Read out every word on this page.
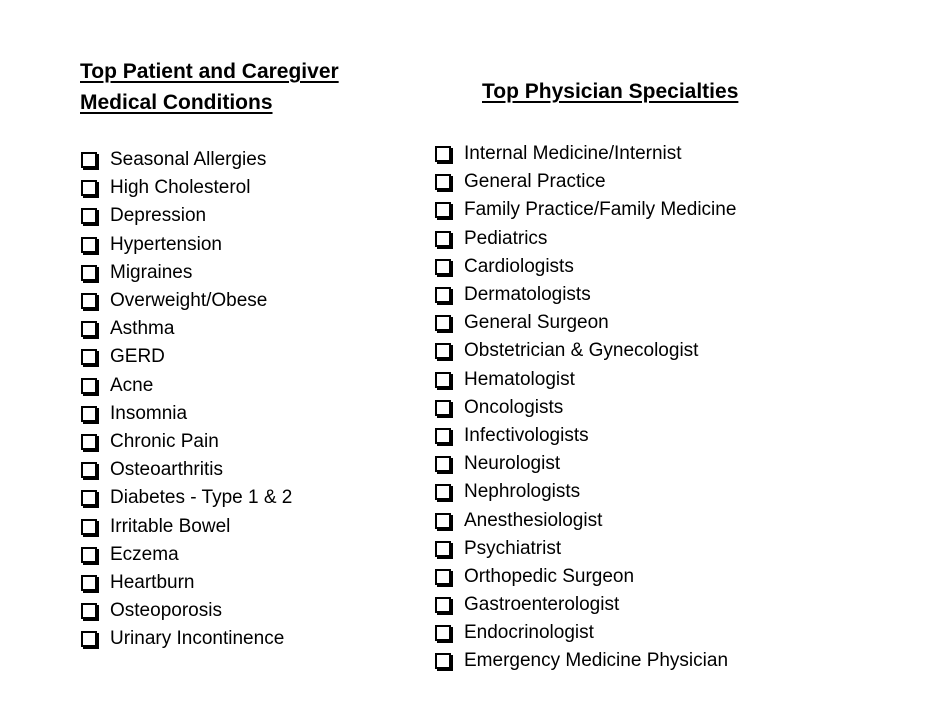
Top Patient and Caregiver
Medical Conditions
Seasonal Allergies
High Cholesterol
Depression
Hypertension
Migraines
Overweight/Obese
Asthma
GERD
Acne
Insomnia
Chronic Pain
Osteoarthritis
Diabetes - Type 1 & 2
Irritable Bowel
Eczema
Heartburn
Osteoporosis
Urinary Incontinence
Top Physician Specialties
Internal Medicine/Internist
General Practice
Family Practice/Family Medicine
Pediatrics
Cardiologists
Dermatologists
General Surgeon
Obstetrician & Gynecologist
Hematologist
Oncologists
Infectivologists
Neurologist
Nephrologists
Anesthesiologist
Psychiatrist
Orthopedic Surgeon
Gastroenterologist
Endocrinologist
Emergency Medicine Physician
